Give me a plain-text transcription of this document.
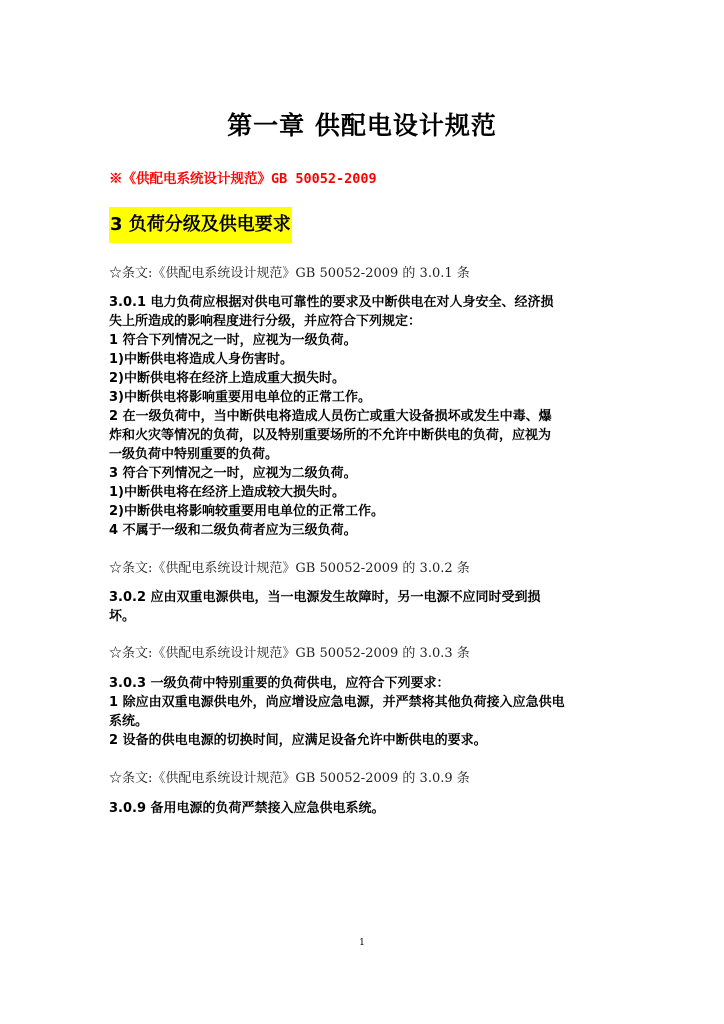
第一章 供配电设计规范
※《供配电系统设计规范》GB 50052-2009
3 负荷分级及供电要求
☆条文:《供配电系统设计规范》GB 50052-2009 的 3.0.1 条
3.0.1 电力负荷应根据对供电可靠性的要求及中断供电在对人身安全、经济损
失上所造成的影响程度进行分级，并应符合下列规定：
1 符合下列情况之一时，应视为一级负荷。
1)中断供电将造成人身伤害时。
2)中断供电将在经济上造成重大损失时。
3)中断供电将影响重要用电单位的正常工作。
2 在一级负荷中，当中断供电将造成人员伤亡或重大设备损坏或发生中毒、爆
炸和火灾等情况的负荷，以及特别重要场所的不允许中断供电的负荷，应视为
一级负荷中特别重要的负荷。
3 符合下列情况之一时，应视为二级负荷。
1)中断供电将在经济上造成较大损失时。
2)中断供电将影响较重要用电单位的正常工作。
4 不属于一级和二级负荷者应为三级负荷。
☆条文:《供配电系统设计规范》GB 50052-2009 的 3.0.2 条
3.0.2 应由双重电源供电，当一电源发生故障时，另一电源不应同时受到损
坏。
☆条文:《供配电系统设计规范》GB 50052-2009 的 3.0.3 条
3.0.3 一级负荷中特别重要的负荷供电，应符合下列要求：
1 除应由双重电源供电外，尚应增设应急电源，并严禁将其他负荷接入应急供电
系统。
2 设备的供电电源的切换时间，应满足设备允许中断供电的要求。
☆条文:《供配电系统设计规范》GB 50052-2009 的 3.0.9 条
3.0.9 备用电源的负荷严禁接入应急供电系统。
1
